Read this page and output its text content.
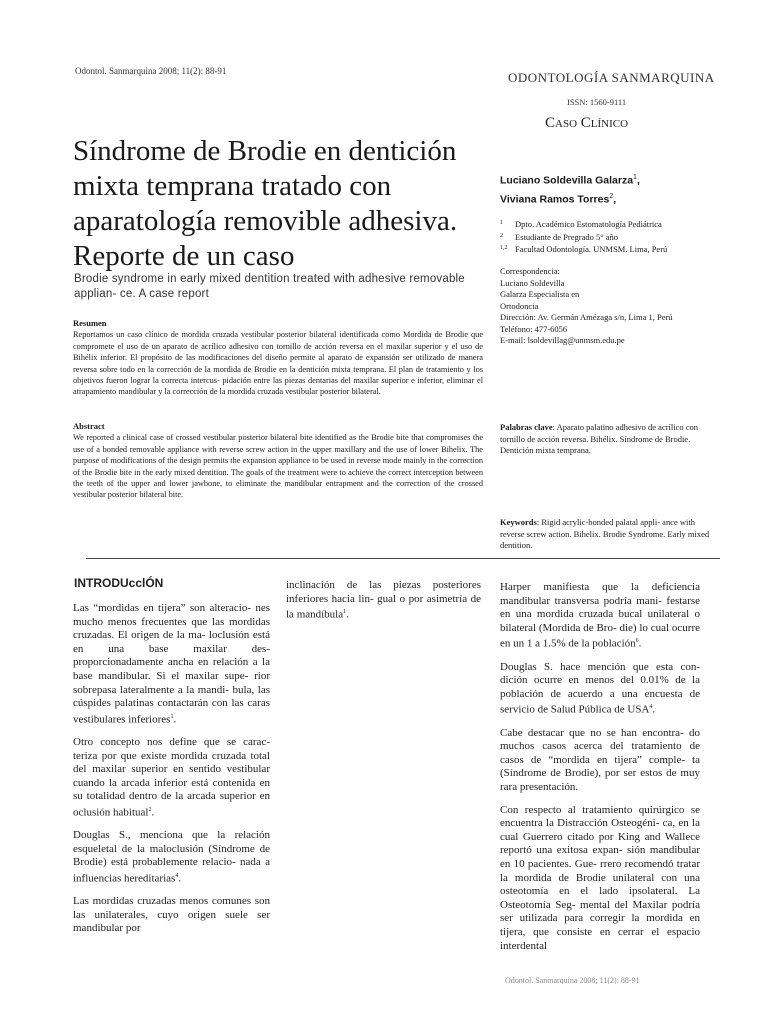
Odontol. Sanmarquina 2008; 11(2): 88-91	ODONTOLOGÍA SANMARQUINA
ISSN: 1560-9111
Caso Clínico
Síndrome de Brodie en dentición mixta temprana tratado con aparatología removible adhesiva. Reporte de un caso
Brodie syndrome in early mixed dentition treated with adhesive removable applian- ce. A case report
Luciano Soldevilla Galarza$^1$,
Viviana Ramos Torres$^2$,
1	Dpto. Académico Estomatología Pediátrica
2	Estudiante de Pregrado 5° año
1,2 Facultad Odontología. UNMSM. Lima, Perú
Correspondencia:
Luciano Soldevilla
Galarza Especialista en
Ortodoncia
Dirección: Av. Germán Amézaga s/n, Lima 1, Perú
Teléfono: 477-6056
E-mail: lsoldevillag@unmsm.edu.pe
Resumen
Reportamos un caso clínico de mordida cruzada vestibular posterior bilateral identificada como Mordida de Brodie que compromete el uso de un aparato de acrílico adhesivo con tornillo de acción reversa en el maxilar superior y el uso de Bihélix inferior. El propósito de las modificaciones del diseño permite al aparato de expansión ser utilizado de manera reversa sobre todo en la corrección de la mordida de Brodie en la dentición mixta temprana. El plan de tratamiento y los objetivos fueron lograr la correcta intercus- pidación entre las piezas dentarias del maxilar superior e inferior, eliminar el atrapamiento mandibular y la corrección de la mordida cruzada vestibular posterior bilateral.
Abstract
We reported a clinical case of crossed vestibular posterior bilateral bite identified as the Brodie bite that compromises the use of a bonded removable appliance with reverse screw action in the upper maxillary and the use of lower Bihelix. The purpose of modifications of the design permits the expansion appliance to be used in reverse mode mainly in the correction of the Brodie bite in the early mixed dentition. The goals of the treatment were to achieve the correct interception between the teeth of the upper and lower jawbone, to eliminate the mandibular entrapment and the correction of the crossed vestibular posterior bilateral bite.
Palabras clave: Aparato palatino adhesivo de acrílico con tornillo de acción reversa. Bihélix. Síndrome de Brodie. Dentición mixta temprana.
Keywords: Rigid acrylic-bonded palatal appli- ance with reverse screw action. Bihelix. Brodie Syndrome. Early mixed dentition.
INTRODUcclÓN

Las “mordidas en tijera” son alteracio- nes mucho menos frecuentes que las mordidas cruzadas. El origen de la ma- loclusión está en una base maxilar des- proporcionadamente ancha en relación a la base mandibular. Si el maxilar supe- rior sobrepasa lateralmente a la mandi- bula, las cúspides palatinas contactarán con las caras vestibulares inferiores$^1$.

Otro concepto nos define que se carac- teriza por que existe mordida cruzada total del maxilar superior en sentido vestibular cuando la arcada inferior está contenida en su totalidad dentro de la arcada superior en oclusión habitual$^2$.

Douglas S., menciona que la relación esqueletal de la maloclusión (Síndrome de Brodie) está probablemente relacio- nada a influencias hereditarias$^4$.

Las mordidas cruzadas menos comunes son las unilaterales, cuyo origen suele ser mandibular por

inclinación de las piezas posteriores inferiores hacia lin- gual o por asimetría de la mandíbula$^1$.

Harper manifiesta que la deficiencia mandibular transversa podría mani- festarse en una mordida cruzada bucal unilateral o bilateral (Mordida de Bro- die) lo cual ocurre en un 1 a 1.5% de la población$^6$.

Douglas S. hace mención que esta con- dición ocurre en menos del 0.01% de la población de acuerdo a una encuesta de servicio de Salud Pública de USA$^4$.

Cabe destacar que no se han encontra- do muchos casos acerca del tratamiento de casos de “mordida en tijera” comple- ta (Síndrome de Brodie), por ser estos de muy rara presentación.

Con respecto al tratamiento quirúrgico se encuentra la Distracción Osteogéni- ca, en la cual Guerrero citado por King and Wallece reportó una exitosa expan- sión mandibular en 10 pacientes. Gue- rrero recomendó tratar la mordida de Brodie unilateral con una osteotomía en el lado ipsolateral. La Osteotomía Seg- mental del Maxilar podría ser utilizada para corregir la mordida en tijera, que consiste en cerrar el espacio interdental

Odontol. Sanmarquina 2008; 11(2): 88-91
